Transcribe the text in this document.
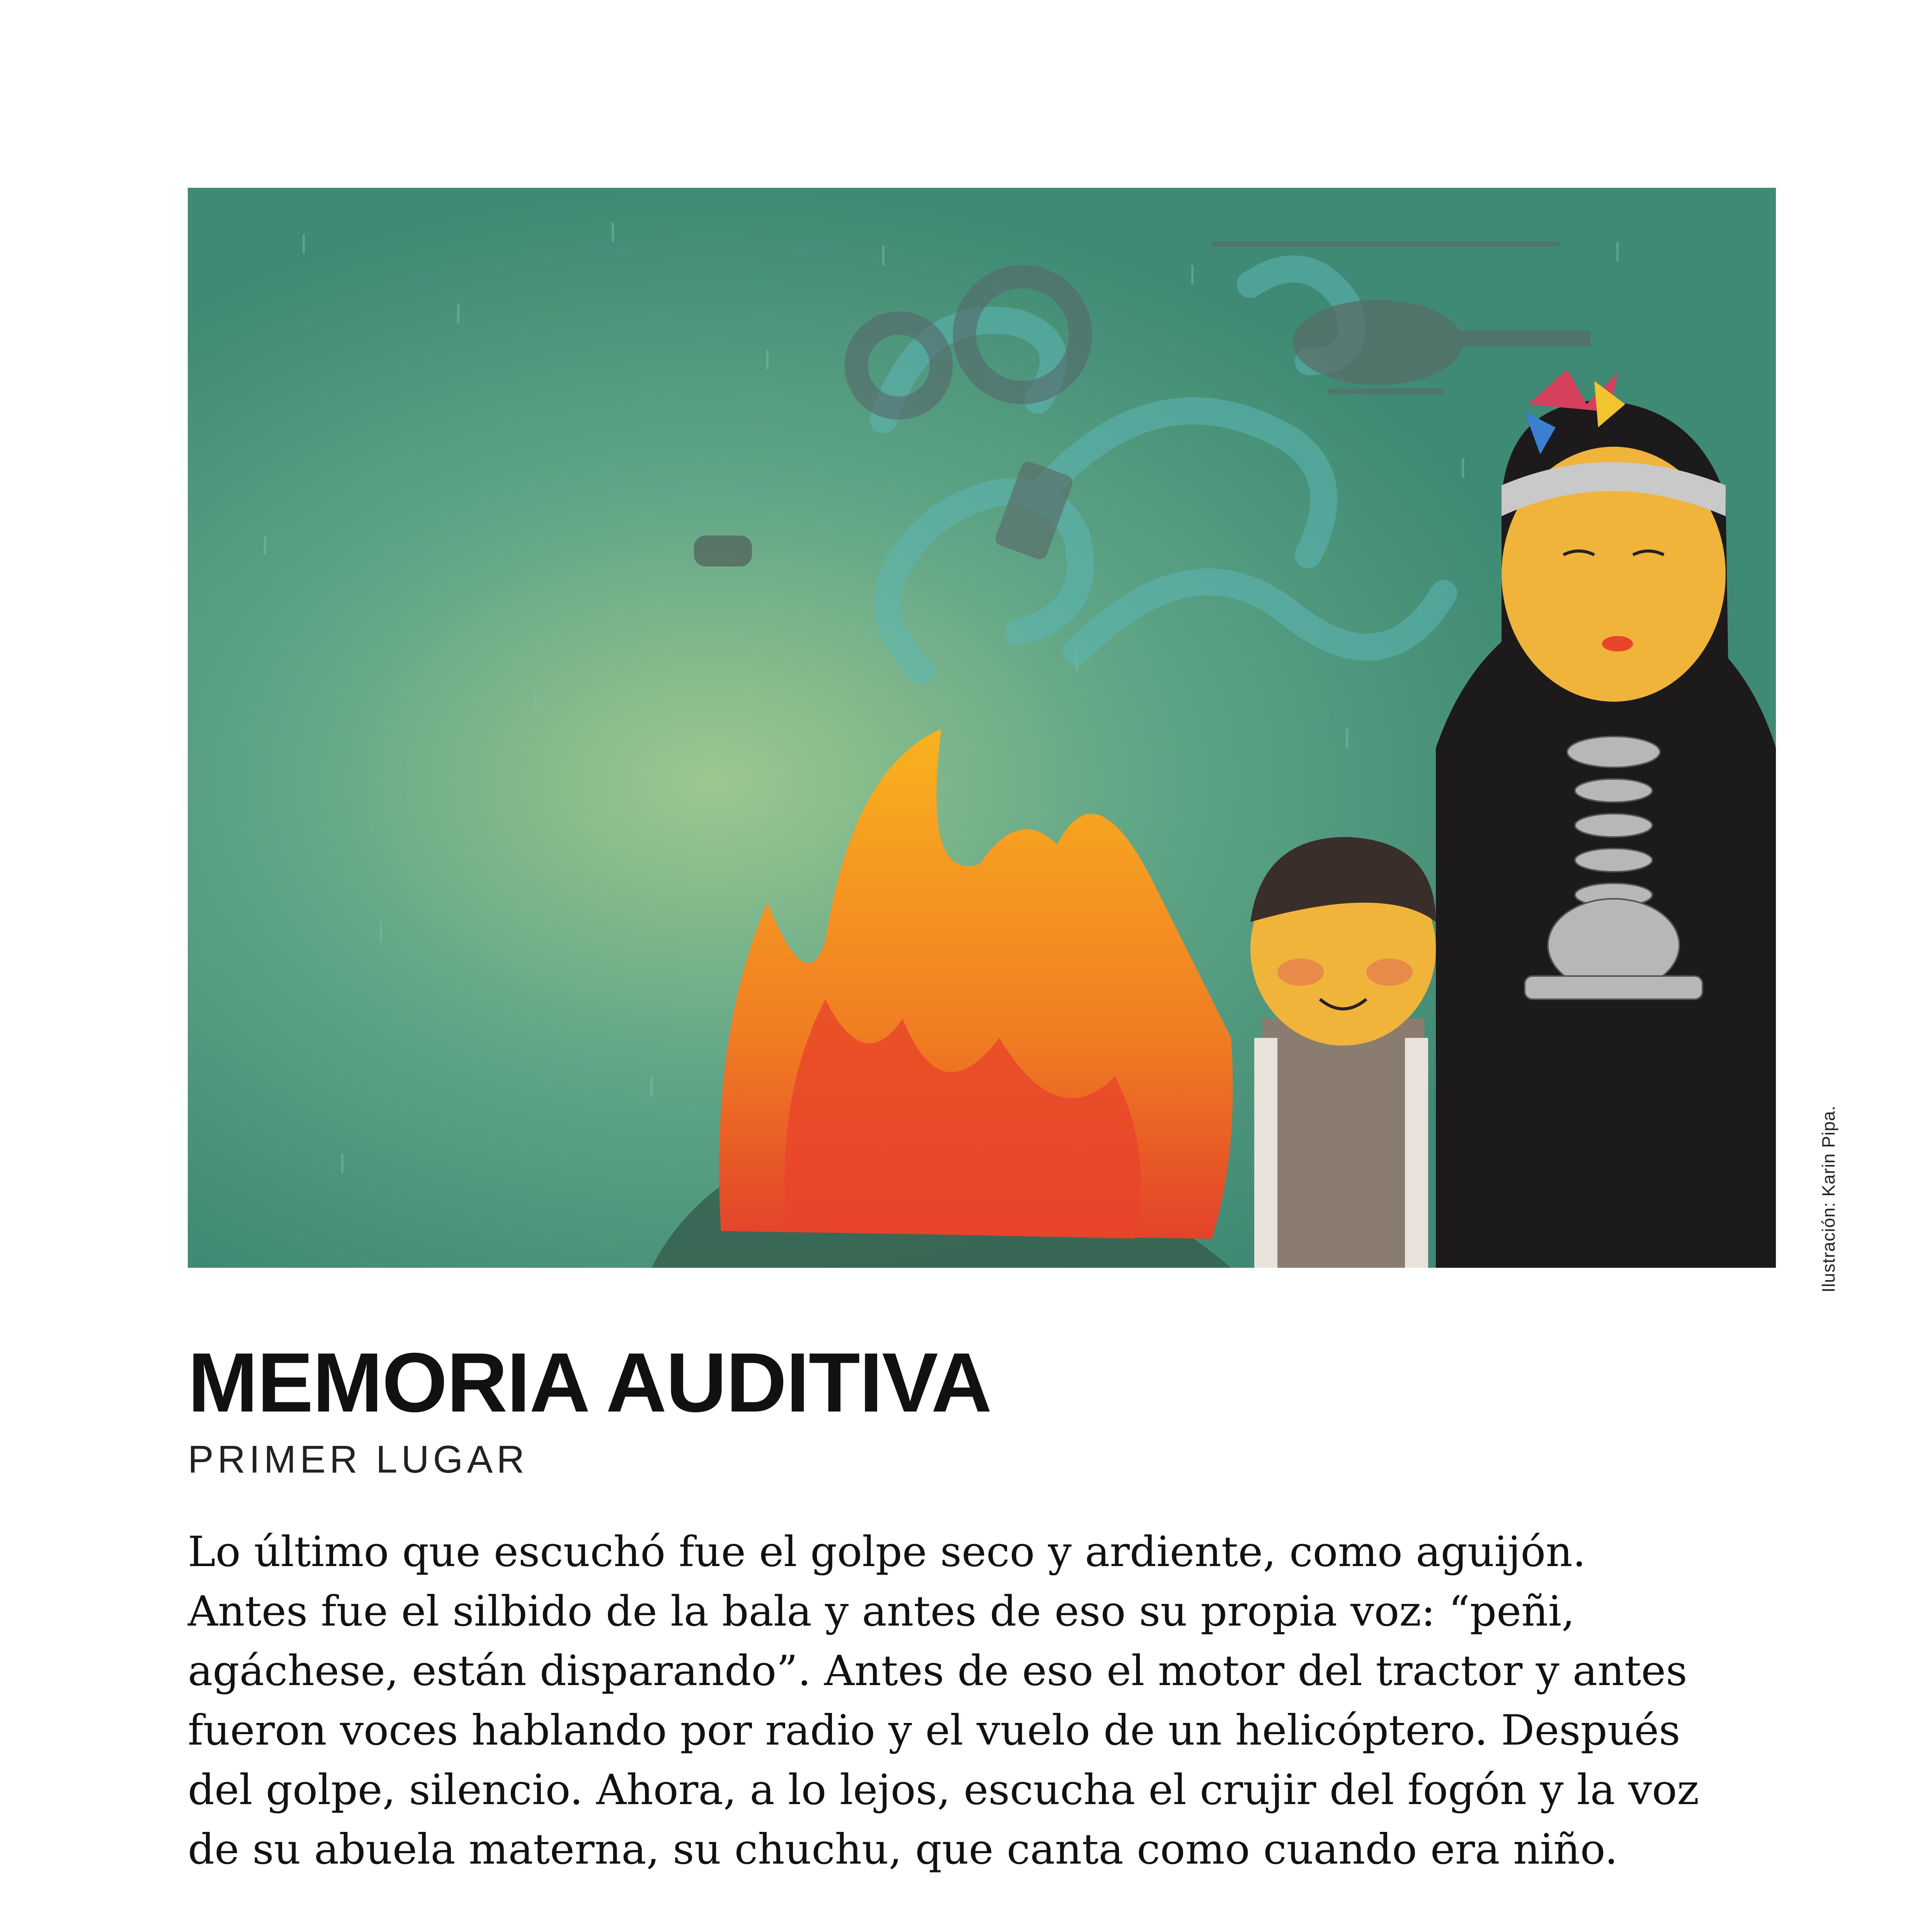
Ilustración: Karin Pipa.
MEMORIA AUDITIVA
PRIMER LUGAR
Lo último que escuchó fue el golpe seco y ardiente, como aguijón.
Antes fue el silbido de la bala y antes de eso su propia voz: “peñi,
agáchese, están disparando”. Antes de eso el motor del tractor y antes
fueron voces hablando por radio y el vuelo de un helicóptero. Después
del golpe, silencio. Ahora, a lo lejos, escucha el crujir del fogón y la voz
de su abuela materna, su chuchu, que canta como cuando era niño.
